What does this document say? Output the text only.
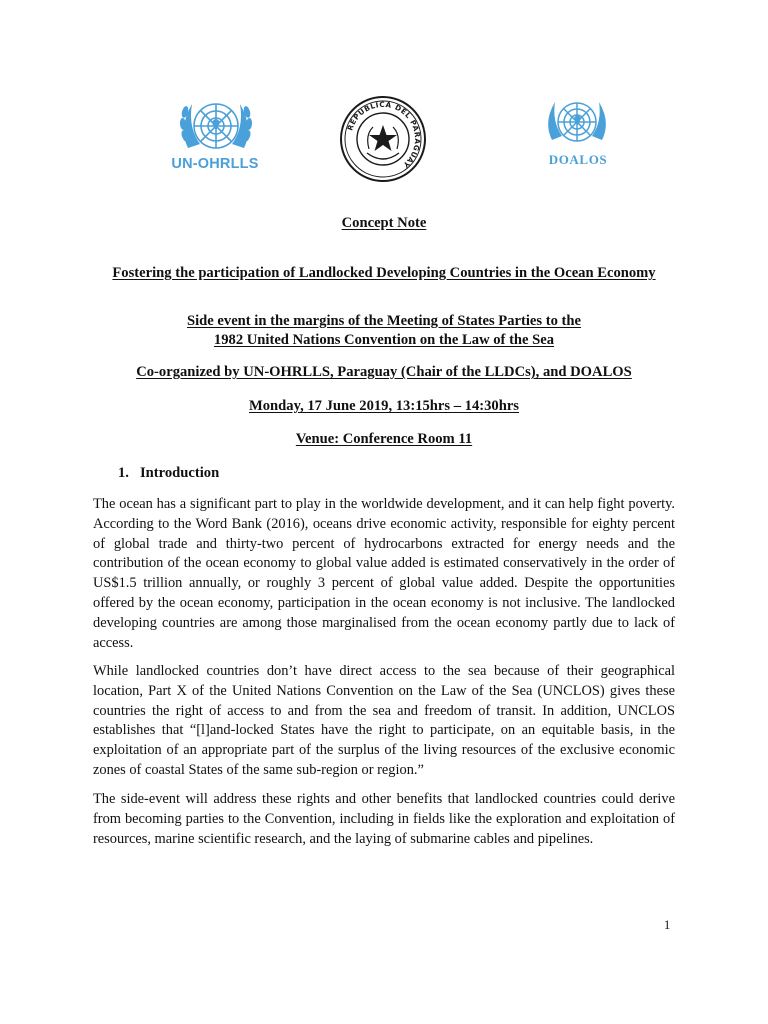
UN-OHRLLS
REPUBLICA DEL PARAGUAY	DOALOS
Concept Note
Fostering the participation of Landlocked Developing Countries in the Ocean Economy
Side event in the margins of the Meeting of States Parties to the
1982 United Nations Convention on the Law of the Sea
Co-organized by UN-OHRLLS, Paraguay (Chair of the LLDCs), and DOALOS
Monday, 17 June 2019, 13:15hrs – 14:30hrs
Venue: Conference Room 11
1. Introduction

The ocean has a significant part to play in the worldwide development, and it can help fight poverty. According to the Word Bank (2016), oceans drive economic activity, responsible for eighty percent of global trade and thirty-two percent of hydrocarbons extracted for energy needs and the contribution of the ocean economy to global value added is estimated conservatively in the order of US$1.5 trillion annually, or roughly 3 percent of global value added. Despite the opportunities offered by the ocean economy, participation in the ocean economy is not inclusive. The landlocked developing countries are among those marginalised from the ocean economy partly due to lack of access.

While landlocked countries don’t have direct access to the sea because of their geographical location, Part X of the United Nations Convention on the Law of the Sea (UNCLOS) gives these countries the right of access to and from the sea and freedom of transit. In addition, UNCLOS establishes that “[l]and-locked States have the right to participate, on an equitable basis, in the exploitation of an appropriate part of the surplus of the living resources of the exclusive economic zones of coastal States of the same sub-region or region.”

The side-event will address these rights and other benefits that landlocked countries could derive from becoming parties to the Convention, including in fields like the exploration and exploitation of resources, marine scientific research, and the laying of submarine cables and pipelines.

1
